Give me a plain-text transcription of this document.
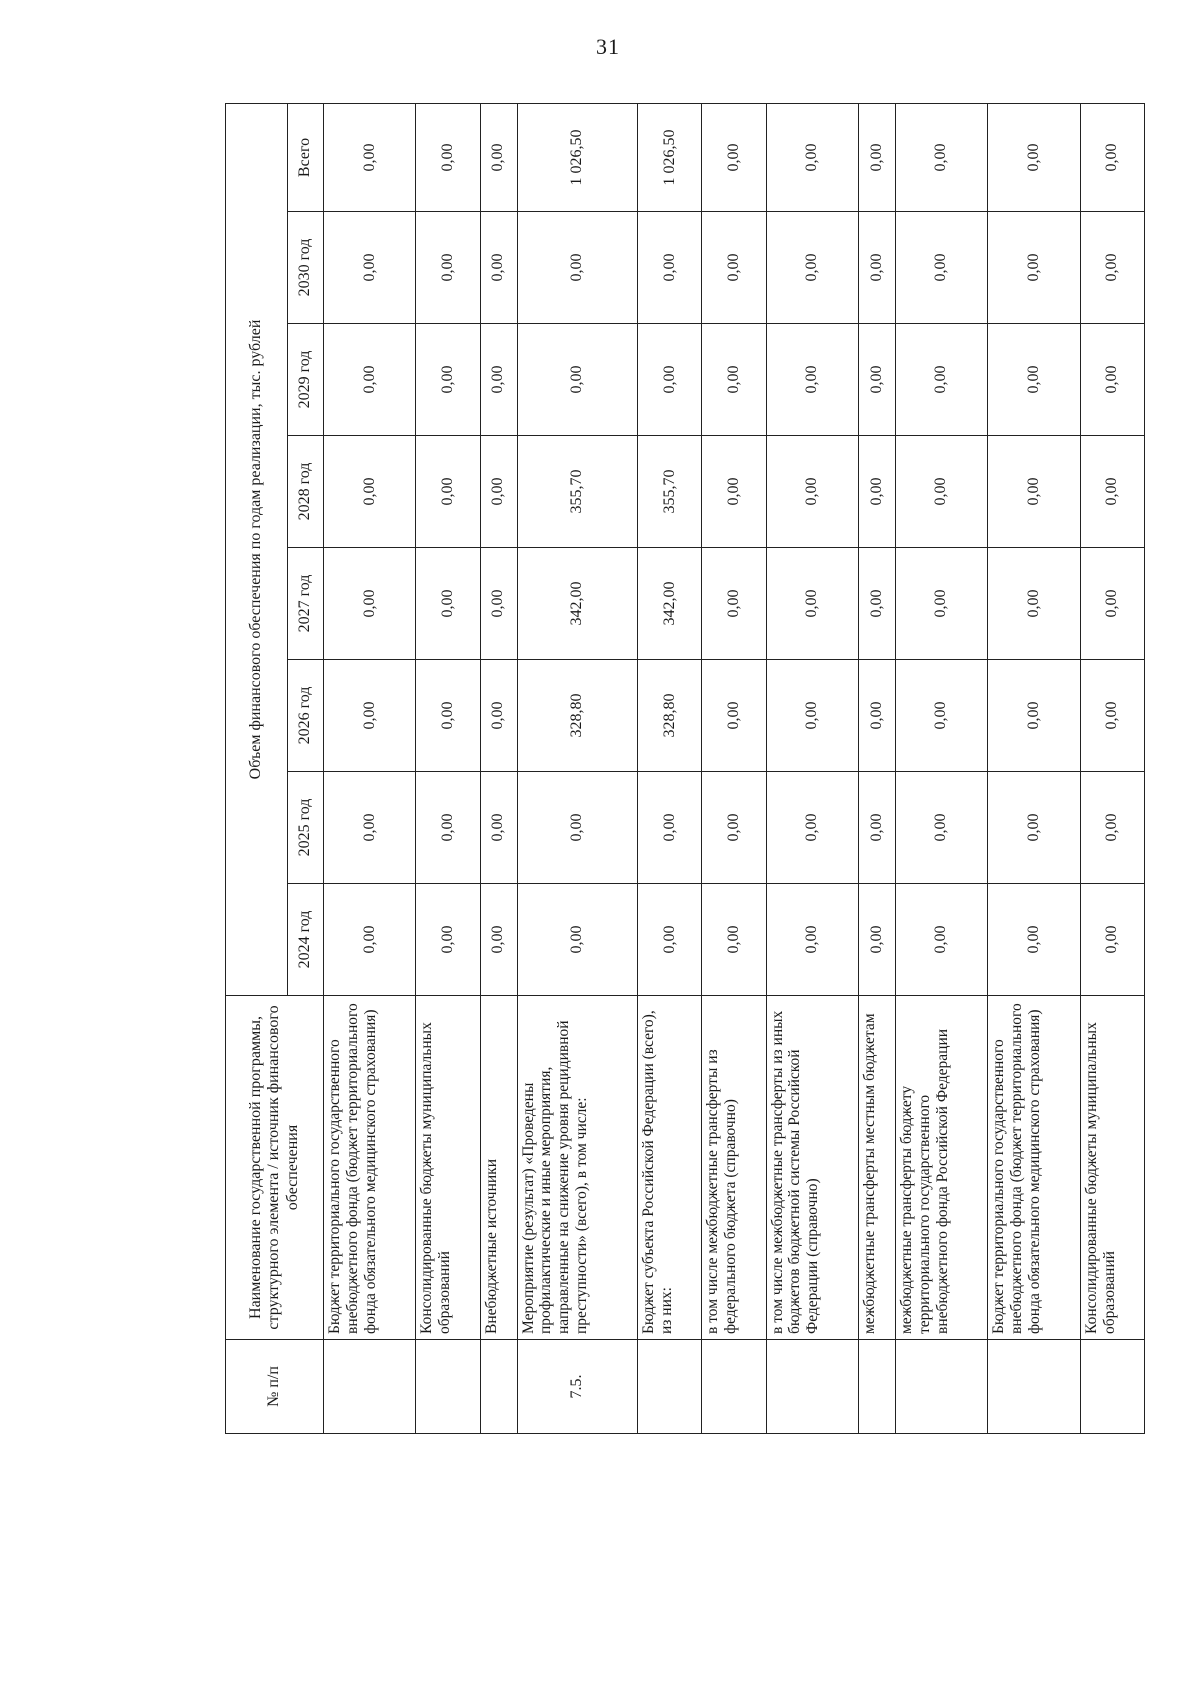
31
№ п/п	Наименование государственной программы, структурного элемента / источник финансового обеспечения	Объем финансового обеспечения по годам реализации, тыс. рублей							
		2024 год	2025 год	2026 год	2027 год	2028 год	2029 год	2030 год	Всего
	Бюджет территориального государственного внебюджетного фонда (бюджет территориального фонда обязательного медицинского страхования)	0,00	0,00	0,00	0,00	0,00	0,00	0,00	0,00
	Консолидированные бюджеты муниципальных образований	0,00	0,00	0,00	0,00	0,00	0,00	0,00	0,00
	Внебюджетные источники	0,00	0,00	0,00	0,00	0,00	0,00	0,00	0,00
7.5.	Мероприятие (результат) «Проведены профилактические и иные мероприятия, направленные на снижение уровня рецидивной преступности» (всего), в том числе:	0,00	0,00	328,80	342,00	355,70	0,00	0,00	1 026,50
	Бюджет субъекта Российской Федерации (всего), из них:	0,00	0,00	328,80	342,00	355,70	0,00	0,00	1 026,50
	в том числе межбюджетные трансферты из федерального бюджета (справочно)	0,00	0,00	0,00	0,00	0,00	0,00	0,00	0,00
	в том числе межбюджетные трансферты из иных бюджетов бюджетной системы Российской Федерации (справочно)	0,00	0,00	0,00	0,00	0,00	0,00	0,00	0,00
	межбюджетные трансферты местным бюджетам	0,00	0,00	0,00	0,00	0,00	0,00	0,00	0,00
	межбюджетные трансферты бюджету территориального государственного внебюджетного фонда Российской Федерации	0,00	0,00	0,00	0,00	0,00	0,00	0,00	0,00
	Бюджет территориального государственного внебюджетного фонда (бюджет территориального фонда обязательного медицинского страхования)	0,00	0,00	0,00	0,00	0,00	0,00	0,00	0,00
	Консолидированные бюджеты муниципальных образований	0,00	0,00	0,00	0,00	0,00	0,00	0,00	0,00
